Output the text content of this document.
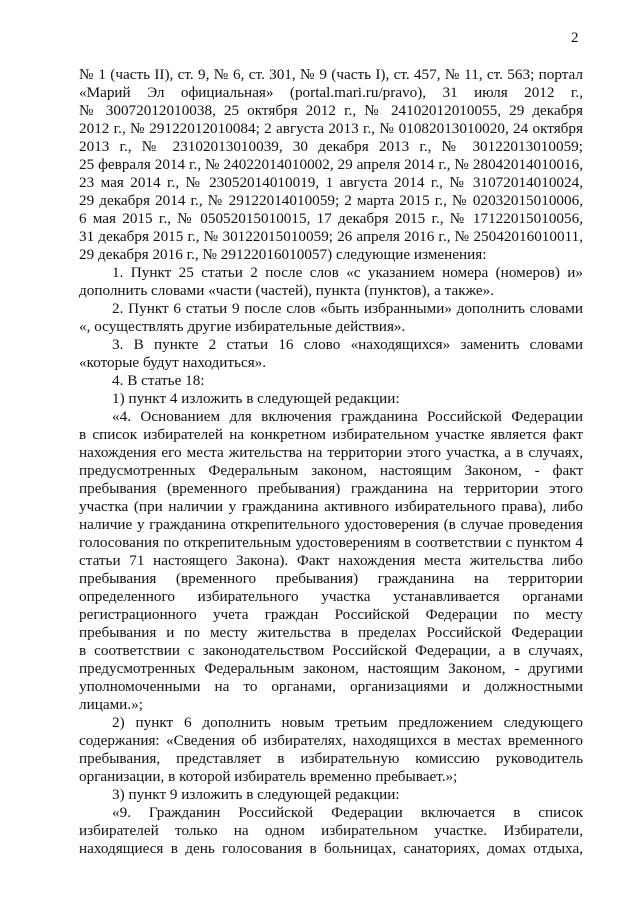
2
№ 1 (часть II), ст. 9, № 6, ст. 301, № 9 (часть I), ст. 457, № 11, ст. 563; портал
«Марий Эл официальная» (portal.mari.ru/pravo), 31 июля 2012 г.,
№ 30072012010038, 25 октября 2012 г., № 24102012010055, 29 декабря
2012 г., № 29122012010084; 2 августа 2013 г., № 01082013010020, 24 октября
2013 г., № 23102013010039, 30 декабря 2013 г., № 30122013010059;
25 февраля 2014 г., № 24022014010002, 29 апреля 2014 г., № 28042014010016,
23 мая 2014 г., № 23052014010019, 1 августа 2014 г., № 31072014010024,
29 декабря 2014 г., № 29122014010059; 2 марта 2015 г., № 02032015010006,
6 мая 2015 г., № 05052015010015, 17 декабря 2015 г., № 17122015010056,
31 декабря 2015 г., № 30122015010059; 26 апреля 2016 г., № 25042016010011,
29 декабря 2016 г., № 29122016010057) следующие изменения:
1. Пункт 25 статьи 2 после слов «с указанием номера (номеров) и»
дополнить словами «части (частей), пункта (пунктов), а также».
2. Пункт 6 статьи 9 после слов «быть избранными» дополнить словами
«, осуществлять другие избирательные действия».
3. В пункте 2 статьи 16 слово «находящихся» заменить словами
«которые будут находиться».
4. В статье 18:
1) пункт 4 изложить в следующей редакции:
«4. Основанием для включения гражданина Российской Федерации
в список избирателей на конкретном избирательном участке является факт
нахождения его места жительства на территории этого участка, а в случаях,
предусмотренных Федеральным законом, настоящим Законом, - факт
пребывания (временного пребывания) гражданина на территории этого
участка (при наличии у гражданина активного избирательного права), либо
наличие у гражданина открепительного удостоверения (в случае проведения
голосования по открепительным удостоверениям в соответствии с пунктом 4
статьи 71 настоящего Закона). Факт нахождения места жительства либо
пребывания (временного пребывания) гражданина на территории
определенного избирательного участка устанавливается органами
регистрационного учета граждан Российской Федерации по месту
пребывания и по месту жительства в пределах Российской Федерации
в соответствии с законодательством Российской Федерации, а в случаях,
предусмотренных Федеральным законом, настоящим Законом, - другими
уполномоченными на то органами, организациями и должностными
лицами.»;
2) пункт 6 дополнить новым третьим предложением следующего
содержания: «Сведения об избирателях, находящихся в местах временного
пребывания, представляет в избирательную комиссию руководитель
организации, в которой избиратель временно пребывает.»;
3) пункт 9 изложить в следующей редакции:
«9. Гражданин Российской Федерации включается в список
избирателей только на одном избирательном участке. Избиратели,
находящиеся в день голосования в больницах, санаториях, домах отдыха,
